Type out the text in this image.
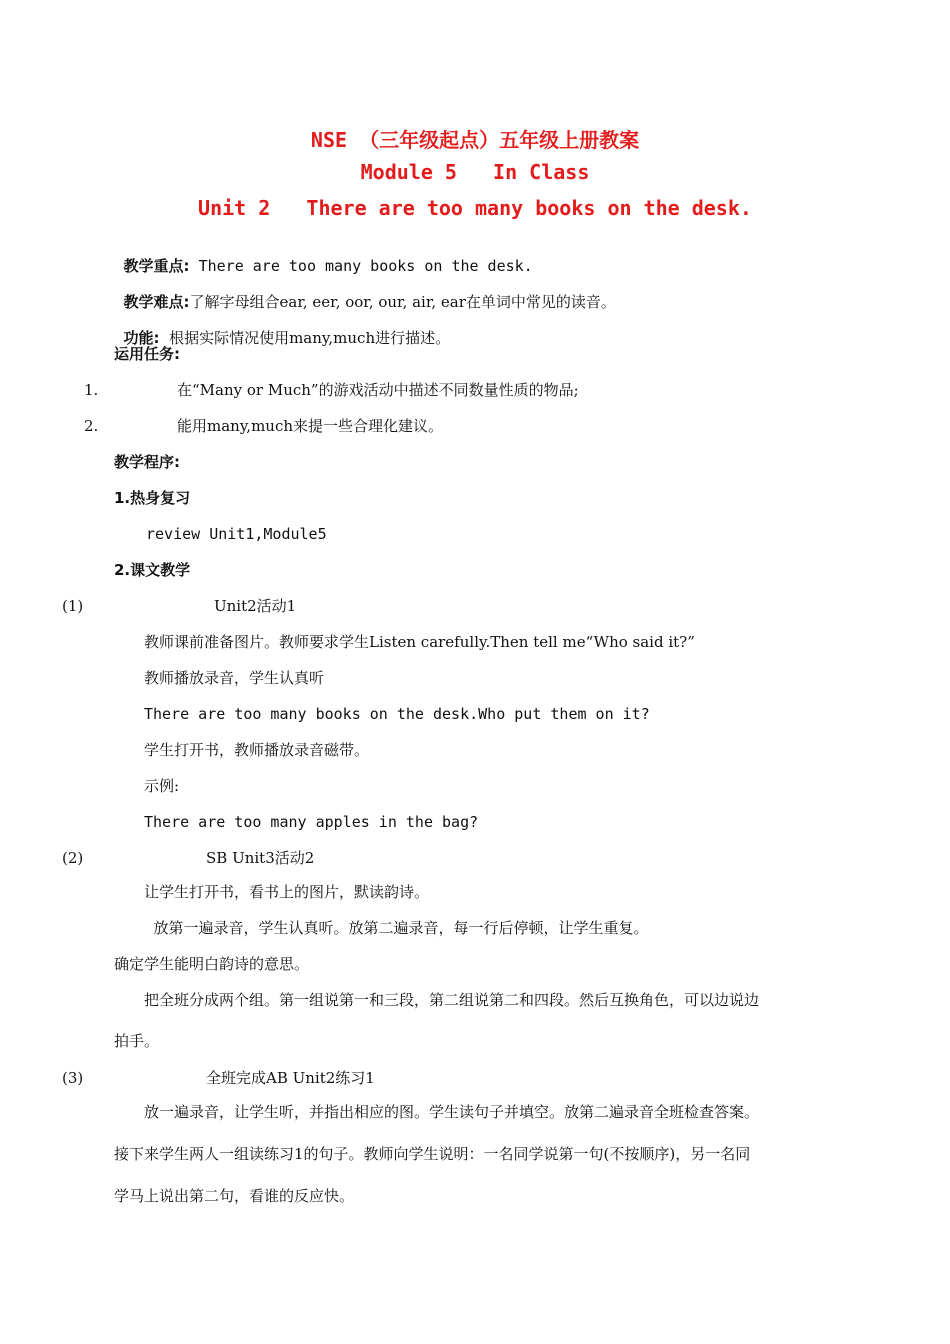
NSE （三年级起点）五年级上册教案
Module 5   In Class
Unit 2   There are too many books on the desk.

教学重点: There are too many books on the desk.

教学难点:了解字母组合ear, eer, oor, our, air, ear在单词中常见的读音。

功能:  根据实际情况使用many,much进行描述。

运用任务:
1.	在“Many or Much”的游戏活动中描述不同数量性质的物品;
2.	能用many,much来提一些合理化建议。
教学程序:
1.热身复习
review Unit1,Module5
2.课文教学
(1)	Unit2活动1
教师课前准备图片。教师要求学生Listen carefully.Then tell me“Who said it?”
教师播放录音，学生认真听
There are too many books on the desk.Who put them on it?
学生打开书，教师播放录音磁带。
示例:
There are too many apples in the bag?
(2)	SB Unit3活动2
让学生打开书，看书上的图片，默读韵诗。
放第一遍录音，学生认真听。放第二遍录音，每一行后停顿，让学生重复。
确定学生能明白韵诗的意思。
把全班分成两个组。第一组说第一和三段，第二组说第二和四段。然后互换角色，可以边说边
拍手。
(3)	全班完成AB Unit2练习1
放一遍录音，让学生听，并指出相应的图。学生读句子并填空。放第二遍录音全班检查答案。
接下来学生两人一组读练习1的句子。教师向学生说明：一名同学说第一句(不按顺序)，另一名同
学马上说出第二句，看谁的反应快。
